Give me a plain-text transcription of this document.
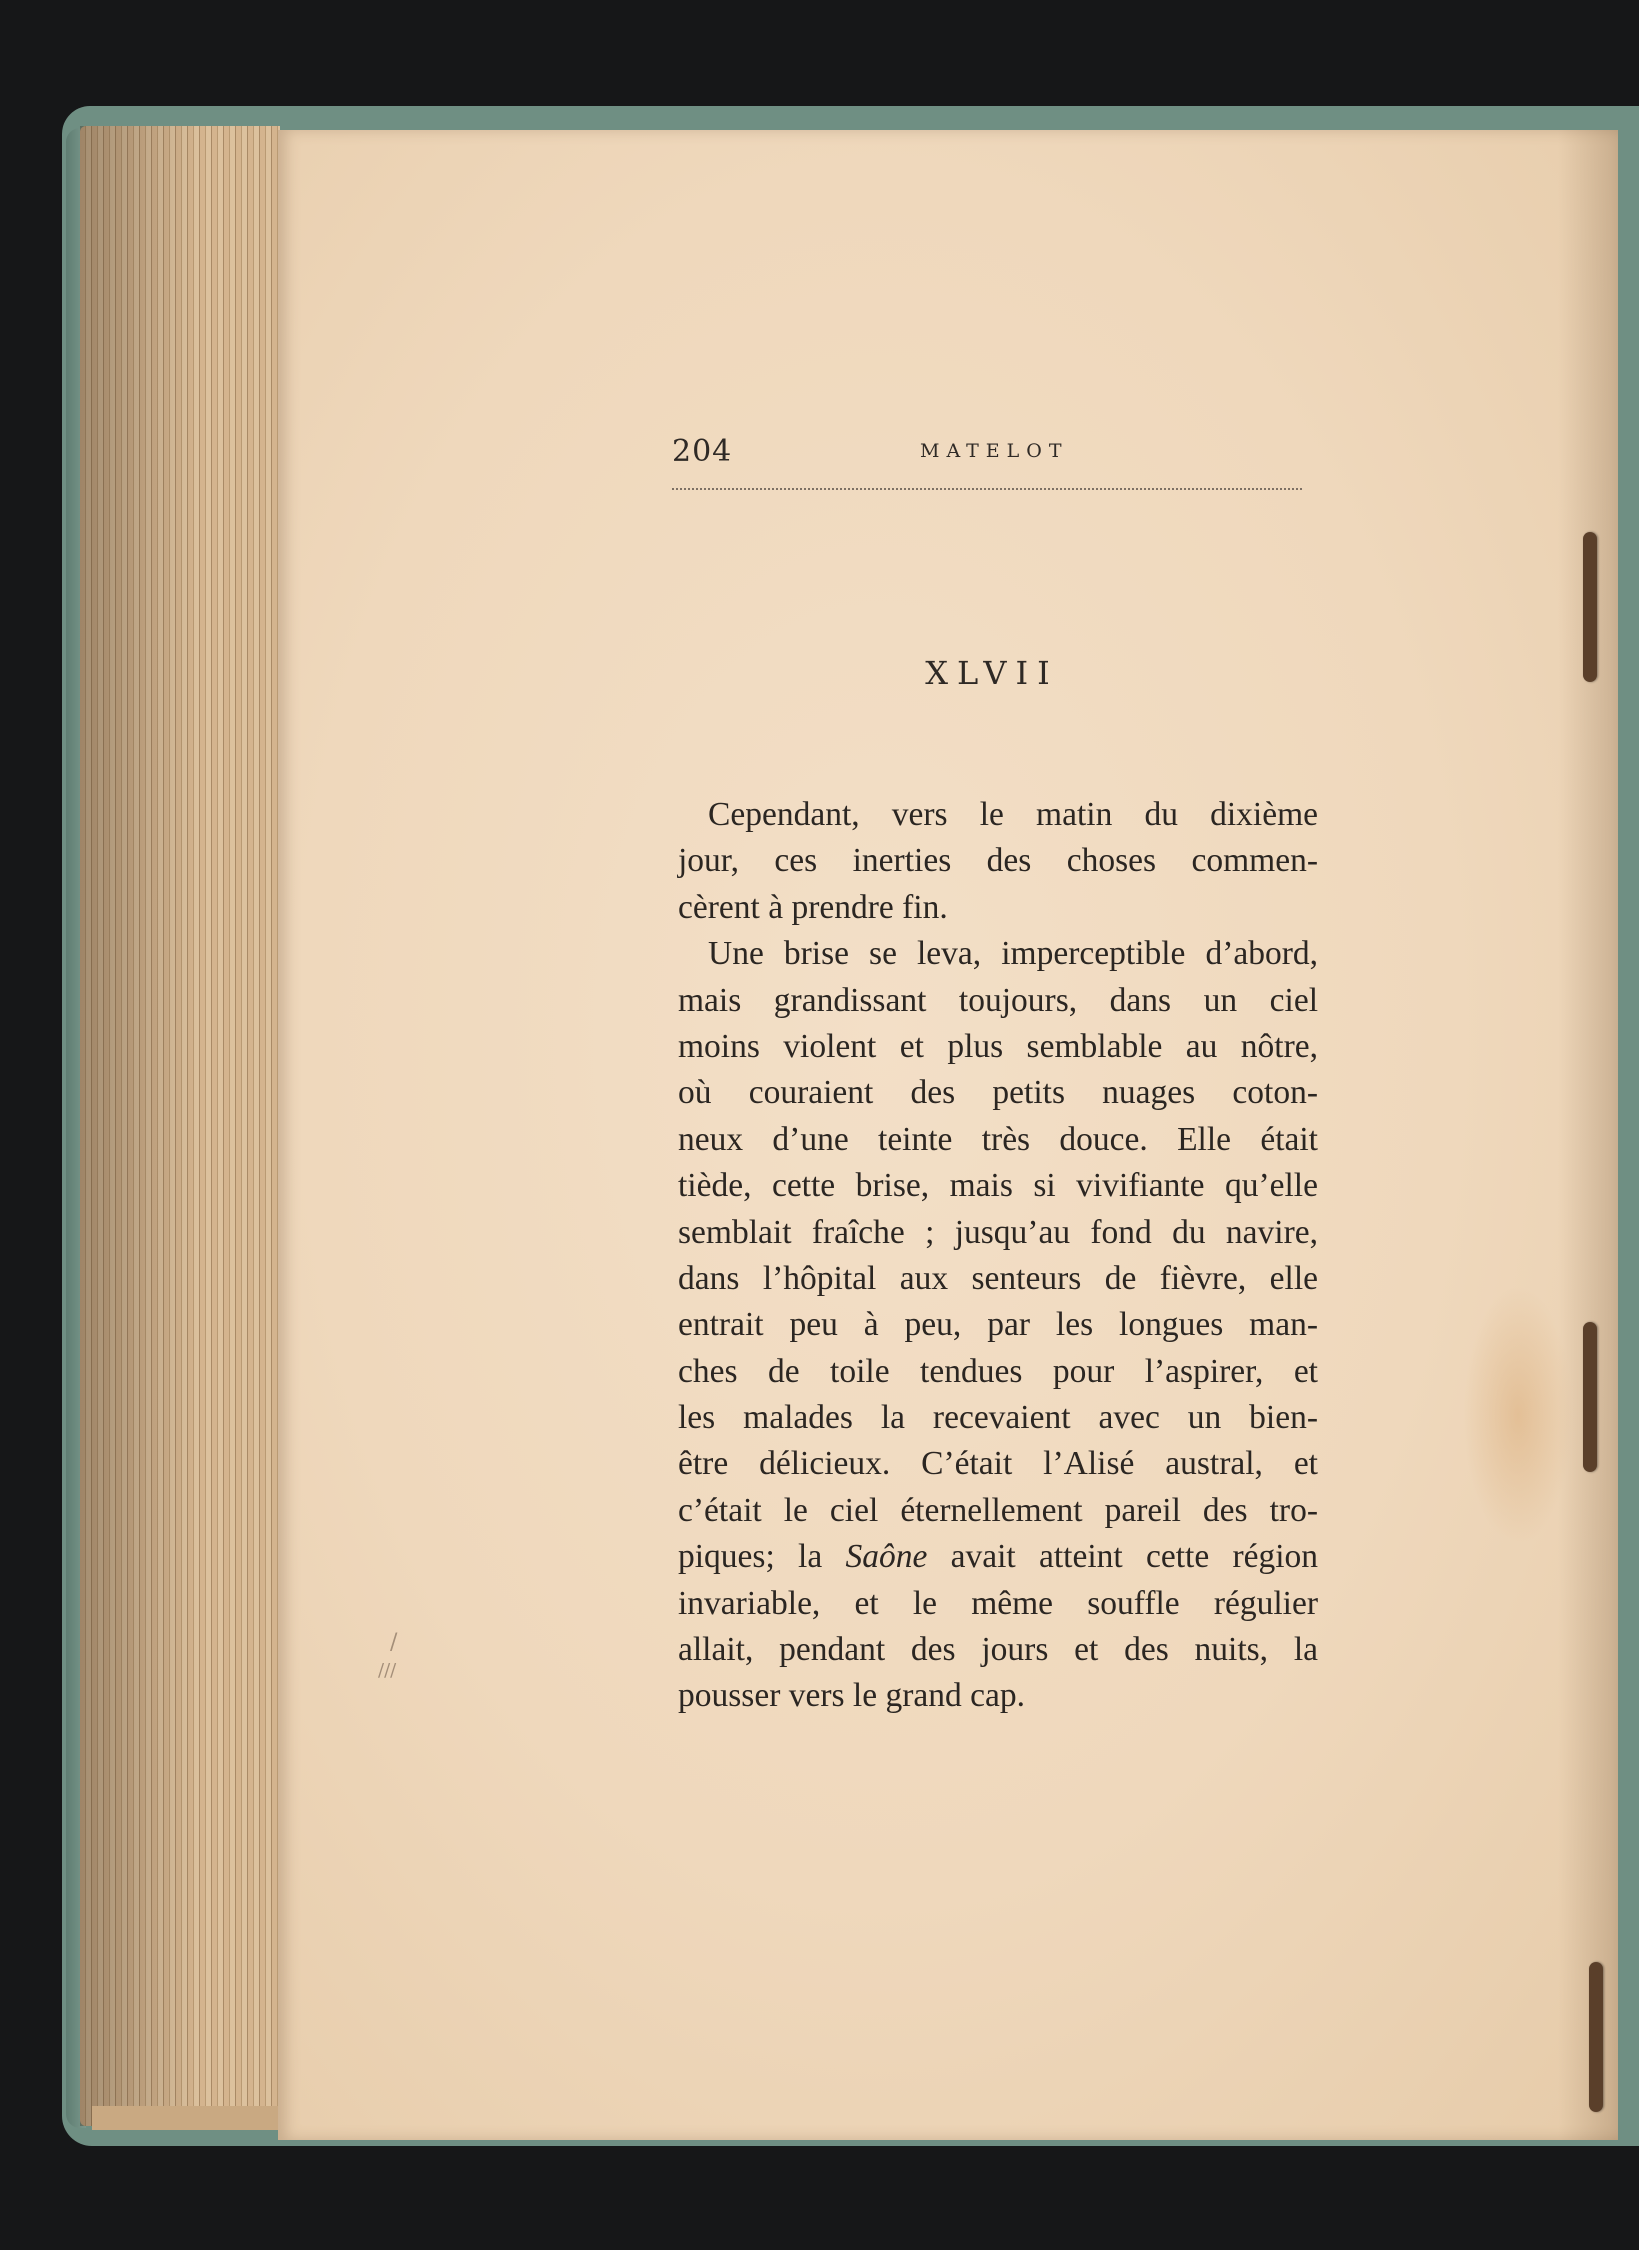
/
///
204	MATELOT
XLVII
Cependant, vers le matin du dixième
jour, ces inerties des choses commen-
cèrent à prendre fin.
Une brise se leva, imperceptible d’abord,
mais grandissant toujours, dans un ciel
moins violent et plus semblable au nôtre,
où couraient des petits nuages coton-
neux d’une teinte très douce. Elle était
tiède, cette brise, mais si vivifiante qu’elle
semblait fraîche ; jusqu’au fond du navire,
dans l’hôpital aux senteurs de fièvre, elle
entrait peu à peu, par les longues man-
ches de toile tendues pour l’aspirer, et
les malades la recevaient avec un bien-
être délicieux. C’était l’Alisé austral, et
c’était le ciel éternellement pareil des tro-
piques; la Saône avait atteint cette région
invariable, et le même souffle régulier
allait, pendant des jours et des nuits, la
pousser vers le grand cap.
